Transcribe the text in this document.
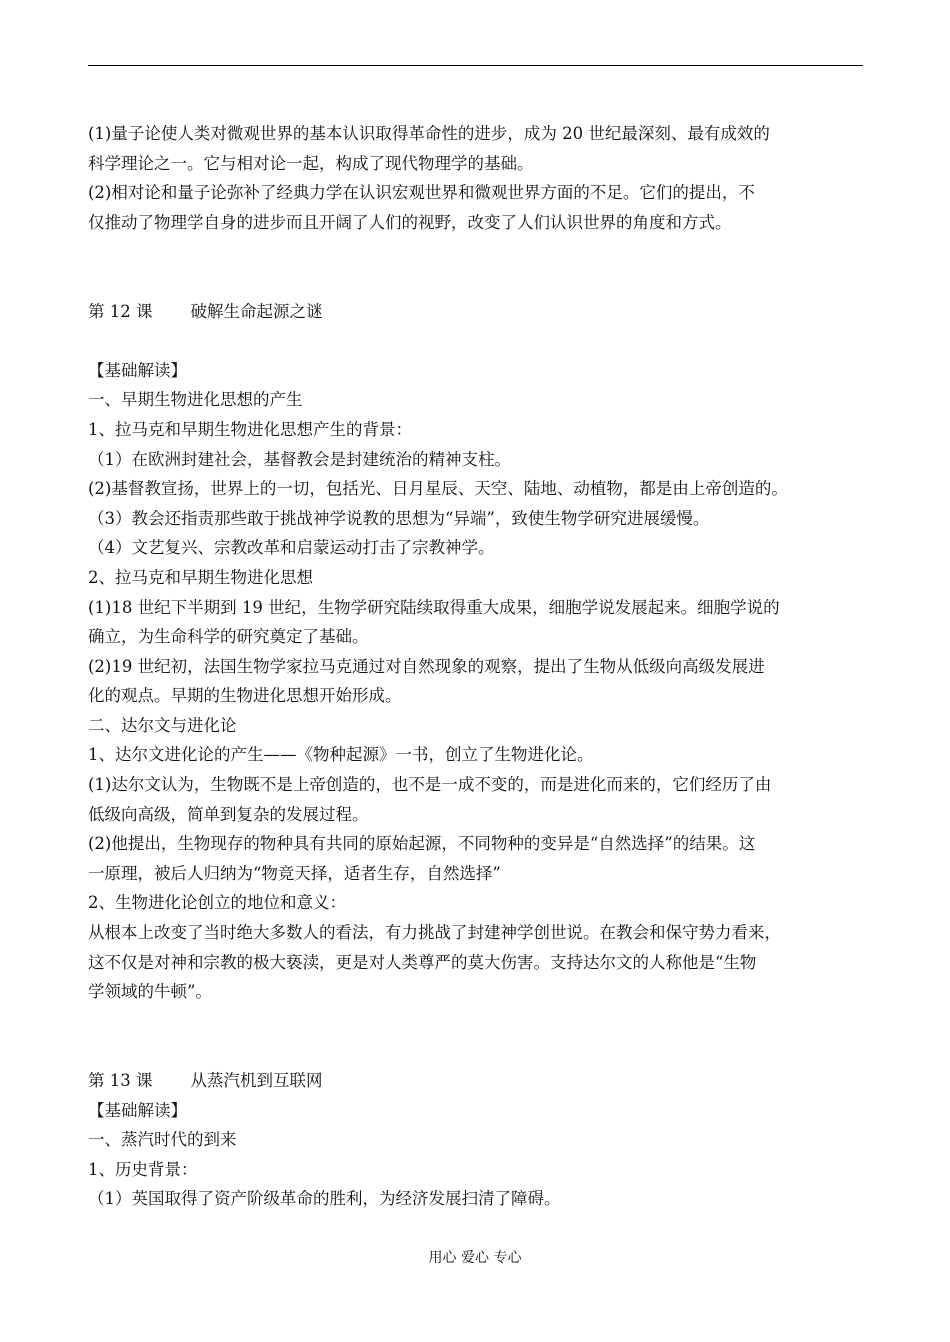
(1)量子论使人类对微观世界的基本认识取得革命性的进步，成为 20 世纪最深刻、最有成效的

科学理论之一。它与相对论一起，构成了现代物理学的基础。

(2)相对论和量子论弥补了经典力学在认识宏观世界和微观世界方面的不足。它们的提出，不

仅推动了物理学自身的进步而且开阔了人们的视野，改变了人们认识世界的角度和方式。

第 12 课 破解生命起源之谜

【基础解读】

一、早期生物进化思想的产生

1、拉马克和早期生物进化思想产生的背景：

（1）在欧洲封建社会，基督教会是封建统治的精神支柱。

(2)基督教宣扬，世界上的一切，包括光、日月星辰、天空、陆地、动植物，都是由上帝创造的。

（3）教会还指责那些敢于挑战神学说教的思想为“异端”，致使生物学研究进展缓慢。

（4）文艺复兴、宗教改革和启蒙运动打击了宗教神学。

2、拉马克和早期生物进化思想

(1)18 世纪下半期到 19 世纪，生物学研究陆续取得重大成果，细胞学说发展起来。细胞学说的

确立，为生命科学的研究奠定了基础。

(2)19 世纪初，法国生物学家拉马克通过对自然现象的观察，提出了生物从低级向高级发展进

化的观点。早期的生物进化思想开始形成。

二、达尔文与进化论

1、达尔文进化论的产生——《物种起源》一书，创立了生物进化论。

(1)达尔文认为，生物既不是上帝创造的，也不是一成不变的，而是进化而来的，它们经历了由

低级向高级，简单到复杂的发展过程。

(2)他提出，生物现存的物种具有共同的原始起源，不同物种的变异是“自然选择”的结果。这

一原理，被后人归纳为“物竞天择，适者生存，自然选择”

2、生物进化论创立的地位和意义：

从根本上改变了当时绝大多数人的看法，有力挑战了封建神学创世说。在教会和保守势力看来，

这不仅是对神和宗教的极大亵渎，更是对人类尊严的莫大伤害。支持达尔文的人称他是“生物

学领域的牛顿”。

第 13 课 从蒸汽机到互联网

【基础解读】

一、蒸汽时代的到来

1、历史背景：

（1）英国取得了资产阶级革命的胜利，为经济发展扫清了障碍。

用心 爱心 专心
